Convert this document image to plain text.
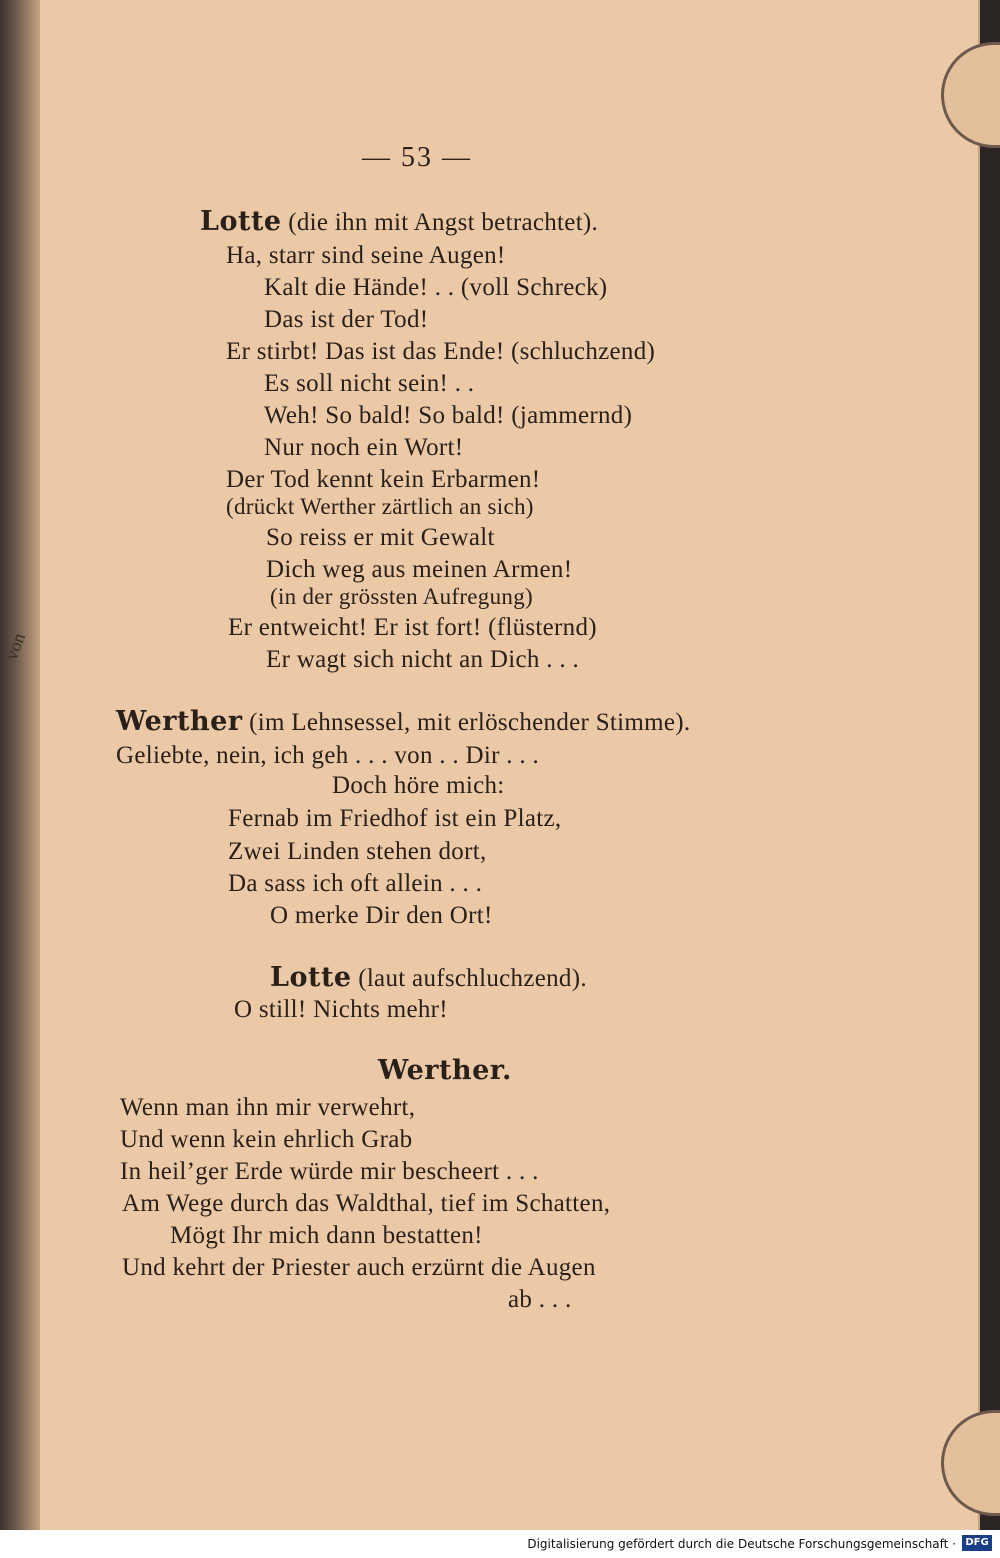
von
— 53 —
Lotte (die ihn mit Angst betrachtet).
Ha, starr sind seine Augen!
Kalt die Hände! . . (voll Schreck)
Das ist der Tod!
Er stirbt! Das ist das Ende! (schluchzend)
Es soll nicht sein! . .
Weh! So bald! So bald! (jammernd)
Nur noch ein Wort!
Der Tod kennt kein Erbarmen!
(drückt Werther zärtlich an sich)
So reiss er mit Gewalt
Dich weg aus meinen Armen!
(in der grössten Aufregung)
Er entweicht! Er ist fort! (flüsternd)
Er wagt sich nicht an Dich . . .
Werther (im Lehnsessel, mit erlöschender Stimme).
Geliebte, nein, ich geh . . . von . . Dir . . .
Doch höre mich:
Fernab im Friedhof ist ein Platz,
Zwei Linden stehen dort,
Da sass ich oft allein . . .
O merke Dir den Ort!
Lotte (laut aufschluchzend).
O still! Nichts mehr!
Werther.
Wenn man ihn mir verwehrt,
Und wenn kein ehrlich Grab
In heil’ger Erde würde mir bescheert . . .
Am Wege durch das Waldthal, tief im Schatten,
Mögt Ihr mich dann bestatten!
Und kehrt der Priester auch erzürnt die Augen
ab . . .
Digitalisierung gefördert durch die Deutsche Forschungsgemeinschaft · DFG
